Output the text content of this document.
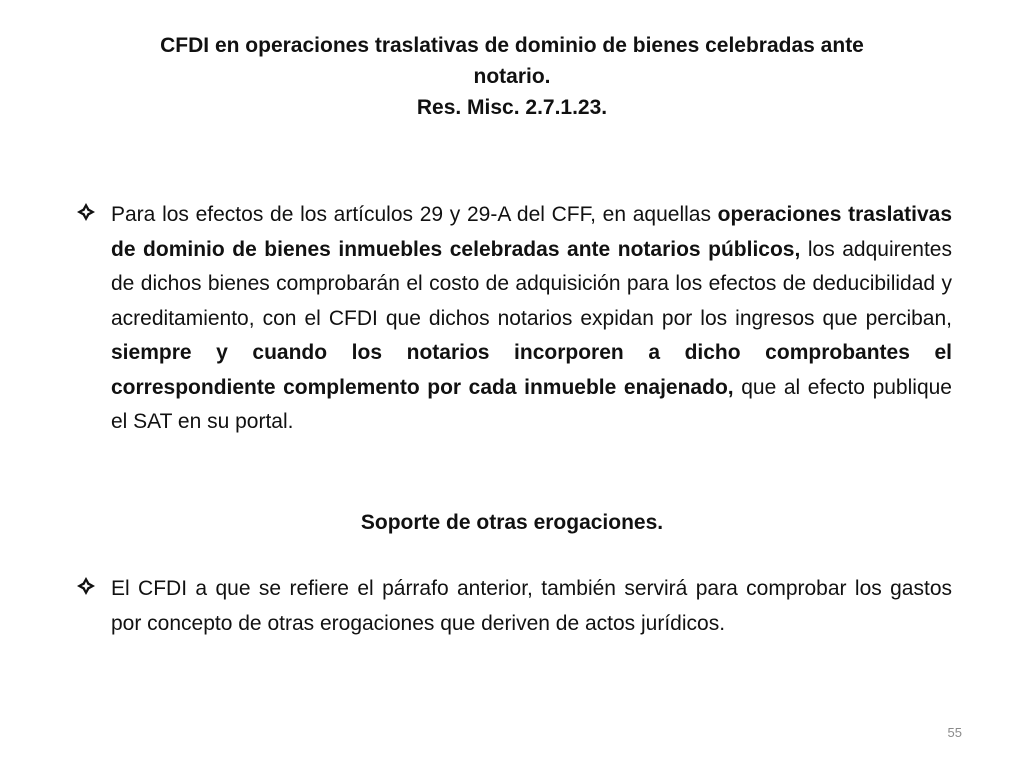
CFDI en operaciones traslativas de dominio de bienes celebradas ante
notario.
Res. Misc. 2.7.1.23.
Para los efectos de los artículos 29 y 29-A del CFF, en aquellas operaciones traslativas de dominio de bienes inmuebles celebradas ante notarios públicos, los adquirentes de dichos bienes comprobarán el costo de adquisición para los efectos de deducibilidad y acreditamiento, con el CFDI que dichos notarios expidan por los ingresos que perciban, siempre y cuando los notarios incorporen a dicho comprobantes el correspondiente complemento por cada inmueble enajenado, que al efecto publique el SAT en su portal.
Soporte de otras erogaciones.
El CFDI a que se refiere el párrafo anterior, también servirá para comprobar los gastos por concepto de otras erogaciones que deriven de actos jurídicos.
55
